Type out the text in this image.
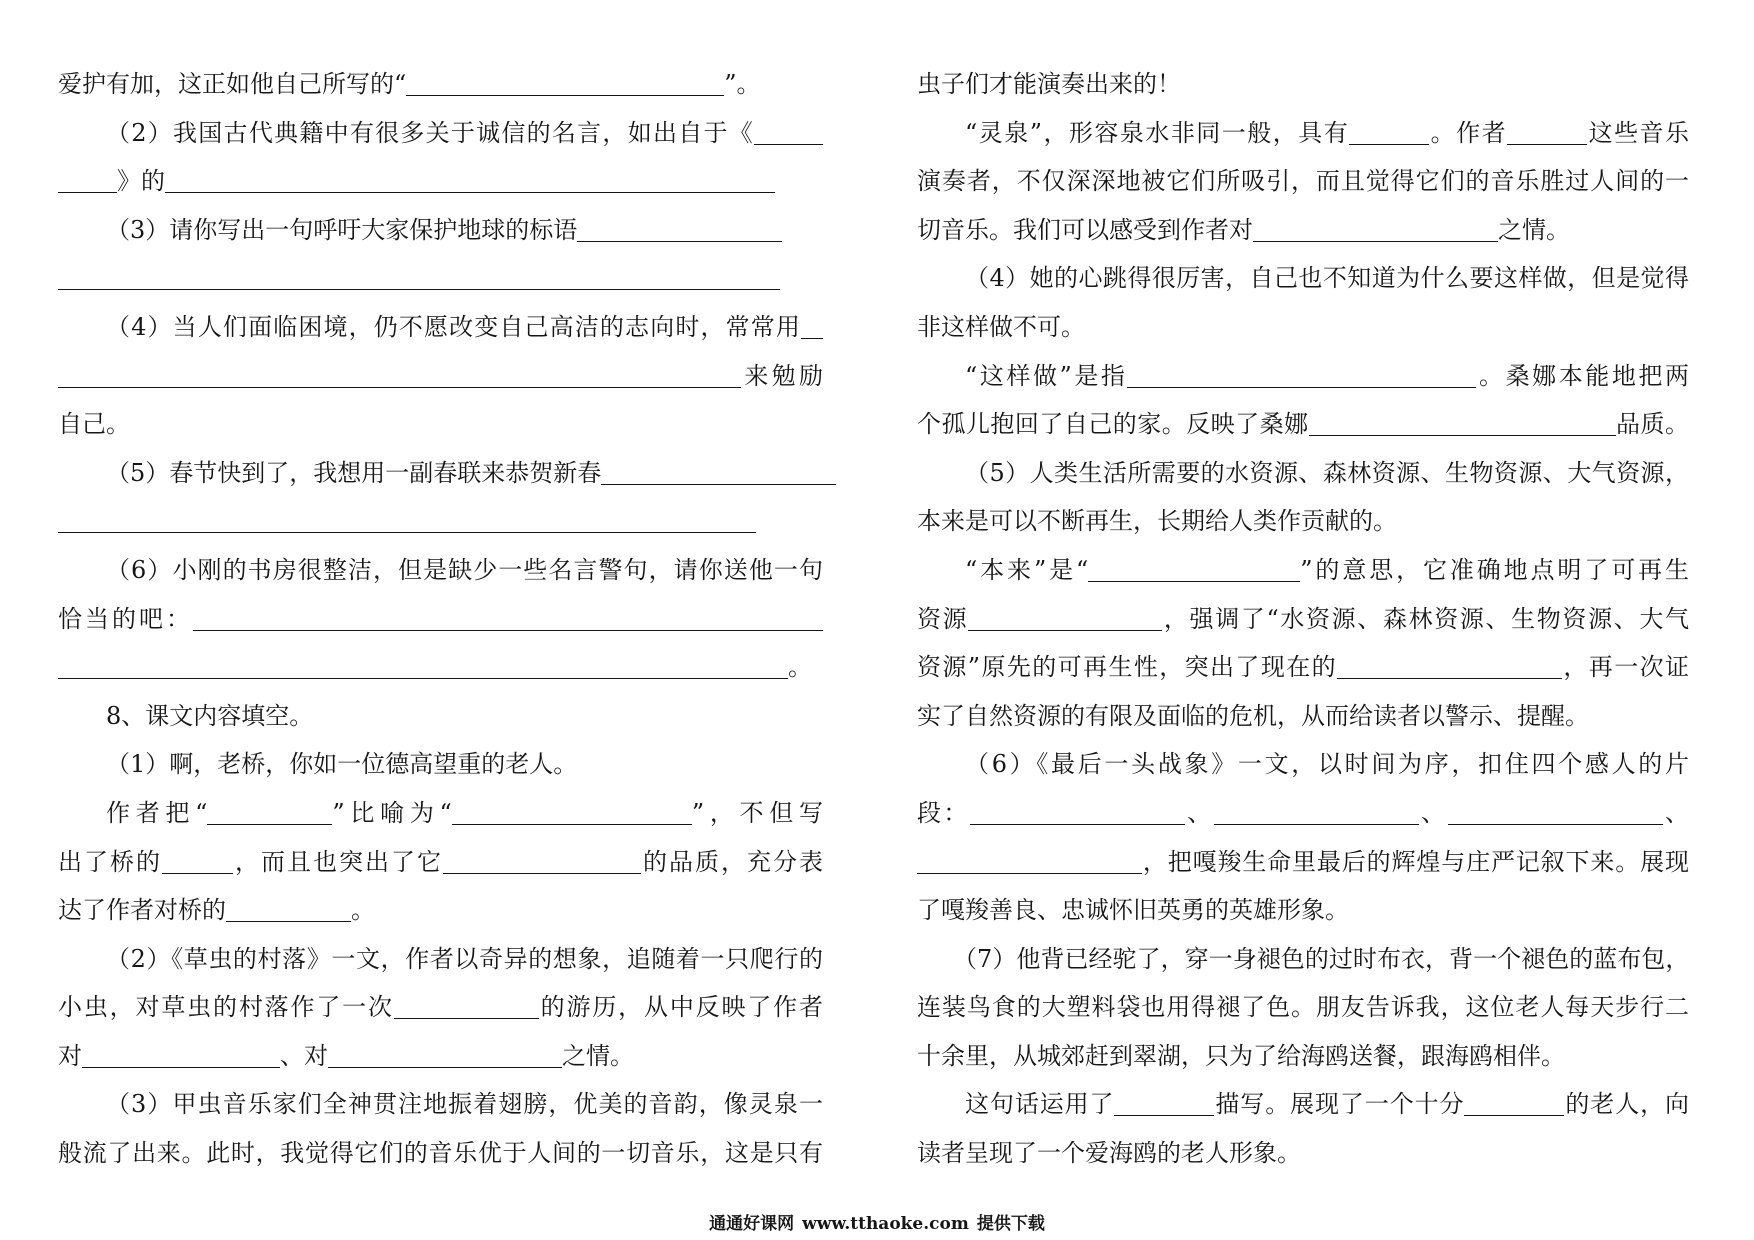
爱护有加，这正如他自己所写的“	”。
（2）我国古代典籍中有很多关于诚信的名言，如出自于《
》的
（3）请你写出一句呼吁大家保护地球的标语
（4）当人们面临困境，仍不愿改变自己高洁的志向时，常常用
来勉励
自己。
（5）春节快到了，我想用一副春联来恭贺新春
（6）小刚的书房很整洁，但是缺少一些名言警句，请你送他一句
恰当的吧：
。
8、课文内容填空。
（1）啊，老桥，你如一位德高望重的老人。
作者把“	”比喻为“	”，不但写
出了桥的	，而且也突出了它	的品质，充分表
达了作者对桥的	。
（2）《草虫的村落》一文，作者以奇异的想象，追随着一只爬行的
小虫，对草虫的村落作了一次	的游历，从中反映了作者
对	、对	之情。
（3）甲虫音乐家们全神贯注地振着翅膀，优美的音韵，像灵泉一
般流了出来。此时，我觉得它们的音乐优于人间的一切音乐，这是只有
虫子们才能演奏出来的！
“灵泉”，形容泉水非同一般，具有	。作者	这些音乐
演奏者，不仅深深地被它们所吸引，而且觉得它们的音乐胜过人间的一
切音乐。我们可以感受到作者对	之情。
（4）她的心跳得很厉害，自己也不知道为什么要这样做，但是觉得
非这样做不可。
“这样做”是指	。桑娜本能地把两
个孤儿抱回了自己的家。反映了桑娜	品质。
（5）人类生活所需要的水资源、森林资源、生物资源、大气资源，
本来是可以不断再生，长期给人类作贡献的。
“本来”是“	”的意思，它准确地点明了可再生
资源	，强调了“水资源、森林资源、生物资源、大气
资源”原先的可再生性，突出了现在的	，再一次证
实了自然资源的有限及面临的危机，从而给读者以警示、提醒。
（6）《最后一头战象》一文，以时间为序，扣住四个感人的片
段：	、	、	、
，把嘎羧生命里最后的辉煌与庄严记叙下来。展现
了嘎羧善良、忠诚怀旧英勇的英雄形象。
（7）他背已经驼了，穿一身褪色的过时布衣，背一个褪色的蓝布包，
连装鸟食的大塑料袋也用得褪了色。朋友告诉我，这位老人每天步行二
十余里，从城郊赶到翠湖，只为了给海鸥送餐，跟海鸥相伴。
这句话运用了	描写。展现了一个十分	的老人，向
读者呈现了一个爱海鸥的老人形象。
通通好课网 www.tthaoke.com 提供下载
